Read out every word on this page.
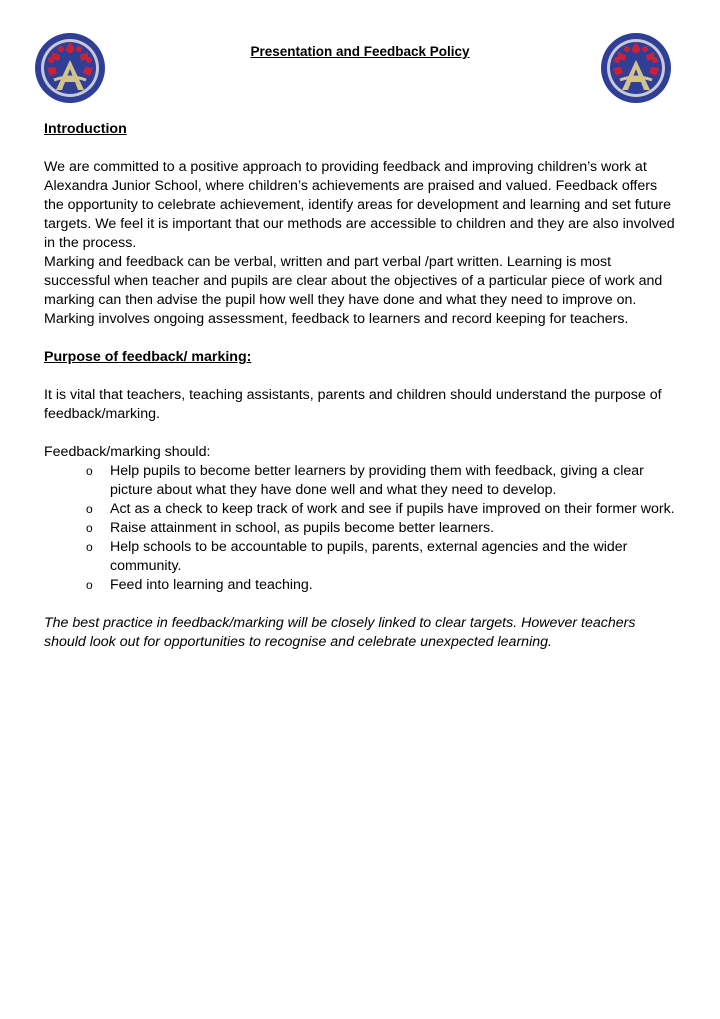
Presentation and Feedback Policy

Introduction

We are committed to a positive approach to providing feedback and improving children’s work at Alexandra Junior School, where children’s achievements are praised and valued. Feedback offers the opportunity to celebrate achievement, identify areas for development and learning and set future targets. We feel it is important that our methods are accessible to children and they are also involved in the process.

Marking and feedback can be verbal, written and part verbal /part written. Learning is most successful when teacher and pupils are clear about the objectives of a particular piece of work and marking can then advise the pupil how well they have done and what they need to improve on. Marking involves ongoing assessment, feedback to learners and record keeping for teachers.

Purpose of feedback/ marking:

It is vital that teachers, teaching assistants, parents and children should understand the purpose of feedback/marking.

Feedback/marking should:

o Help pupils to become better learners by providing them with feedback, giving a clear picture about what they have done well and what they need to develop.
o Act as a check to keep track of work and see if pupils have improved on their former work.
o Raise attainment in school, as pupils become better learners.
o Help schools to be accountable to pupils, parents, external agencies and the wider community.
o Feed into learning and teaching.

The best practice in feedback/marking will be closely linked to clear targets. However teachers should look out for opportunities to recognise and celebrate unexpected learning.
